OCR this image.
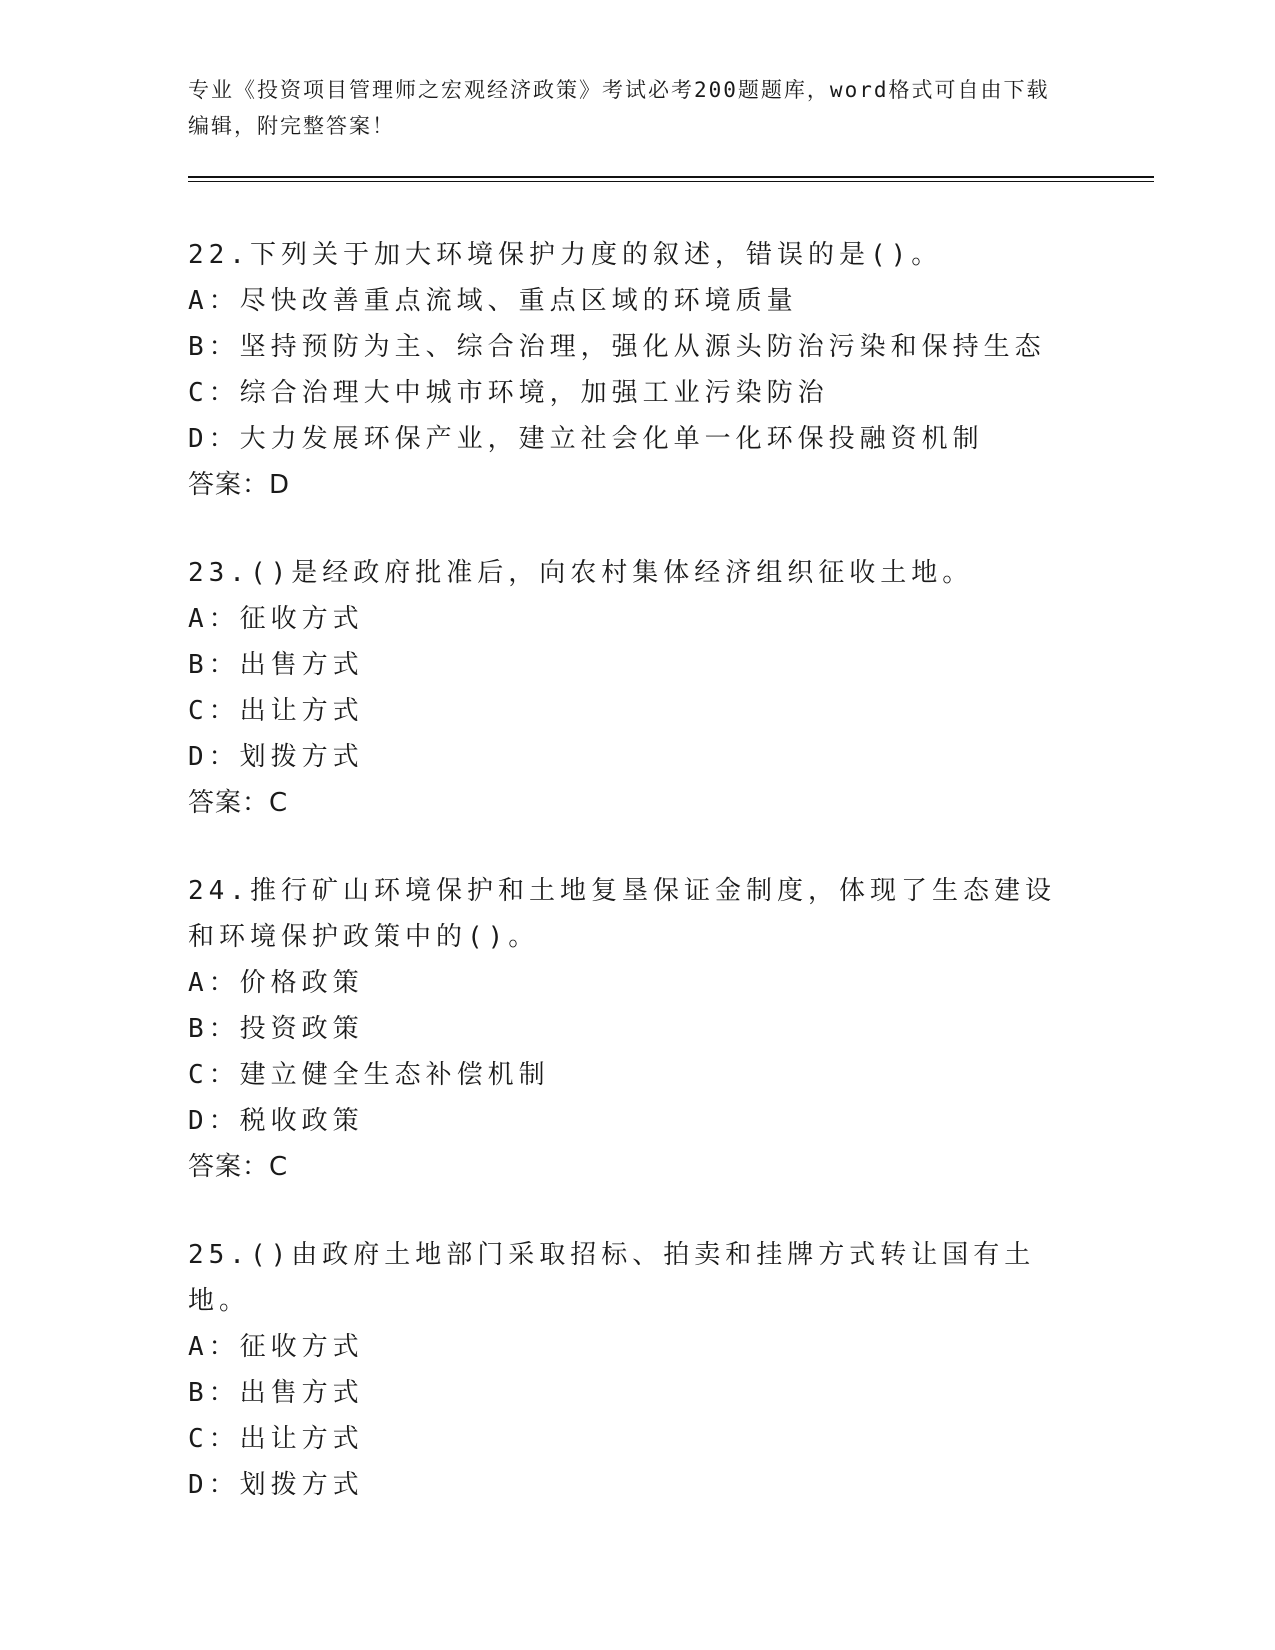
专业《投资项目管理师之宏观经济政策》考试必考200题题库，word格式可自由下载编辑，附完整答案！
22.下列关于加大环境保护力度的叙述，错误的是()。
A：尽快改善重点流域、重点区域的环境质量
B：坚持预防为主、综合治理，强化从源头防治污染和保持生态
C：综合治理大中城市环境，加强工业污染防治
D：大力发展环保产业，建立社会化单一化环保投融资机制
答案：D
23.()是经政府批准后，向农村集体经济组织征收土地。
A：征收方式
B：出售方式
C：出让方式
D：划拨方式
答案：C
24.推行矿山环境保护和土地复垦保证金制度，体现了生态建设和环境保护政策中的()。
A：价格政策
B：投资政策
C：建立健全生态补偿机制
D：税收政策
答案：C
25.()由政府土地部门采取招标、拍卖和挂牌方式转让国有土地。
A：征收方式
B：出售方式
C：出让方式
D：划拨方式
